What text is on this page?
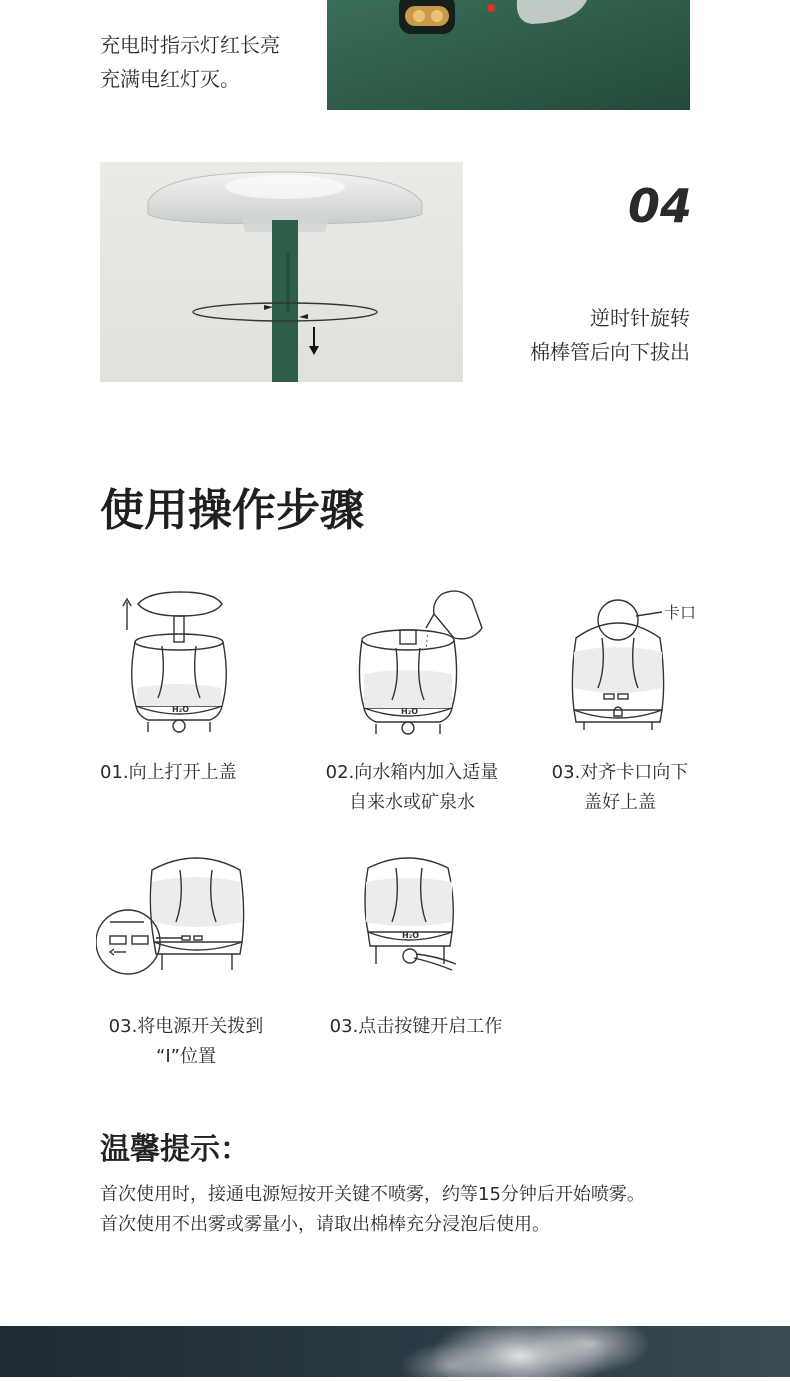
充电时指示灯红长亮
充满电红灯灭。
04
逆时针旋转
棉棒管后向下拔出
使用操作步骤
H₂O	H₂O
卡口
01.向上打开上盖	02.向水箱内加入适量
自来水或矿泉水
03.对齐卡口向下
盖好上盖
H₂O
03.将电源开关拨到
“I”位置
03.点击按键开启工作
温馨提示：
首次使用时，接通电源短按开关键不喷雾，约等15分钟后开始喷雾。
首次使用不出雾或雾量小，请取出棉棒充分浸泡后使用。
